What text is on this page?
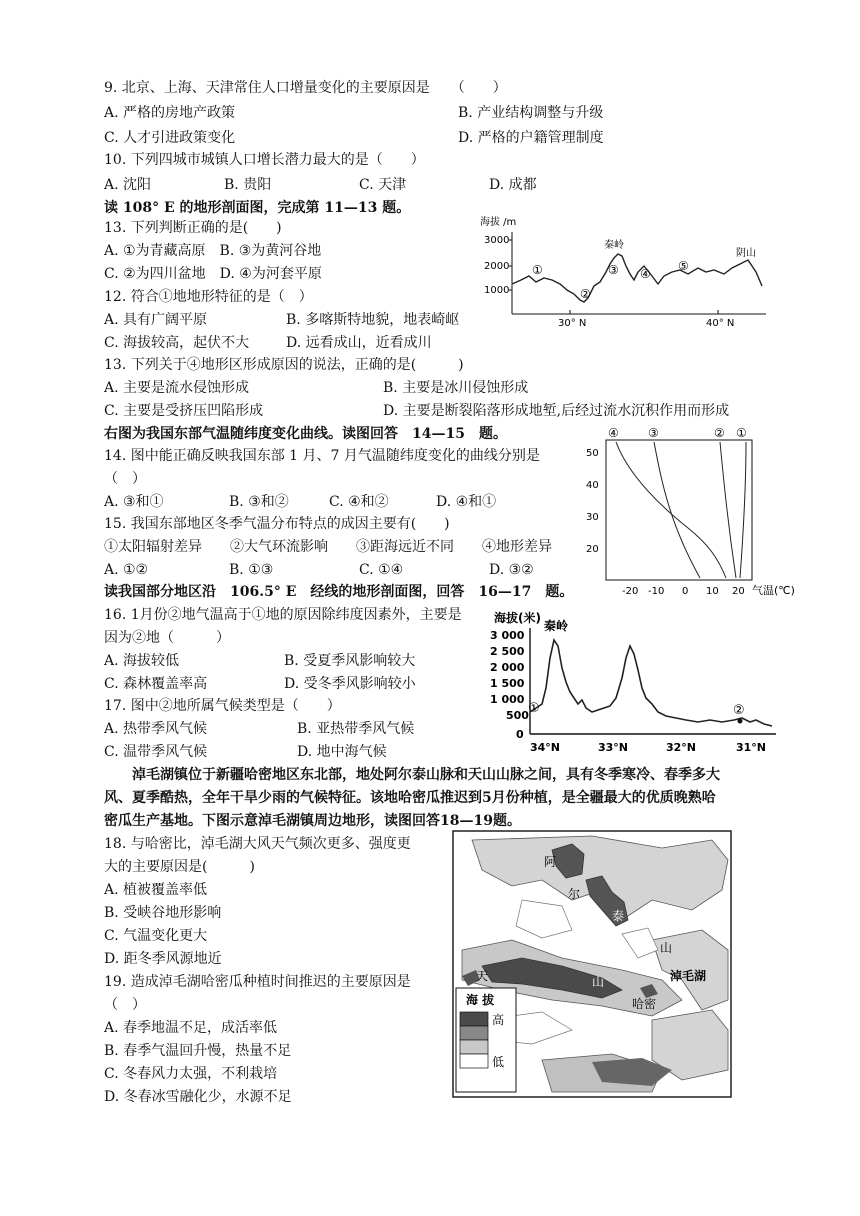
9. 北京、上海、天津常住人口增量变化的主要原因是　　（　　）
A. 严格的房地产政策	B. 产业结构调整与升级
C. 人才引进政策变化	D. 严格的户籍管理制度
10. 下列四城市城镇人口增长潜力最大的是（　　）
A. 沈阳	B. 贵阳	C. 天津	D. 成都
读 108° E 的地形剖面图，完成第 11—13 题。
13. 下列判断正确的是(　　)
A. ①为青藏高原　B. ③为黄河谷地
C. ②为四川盆地　D. ④为河套平原
12. 符合①地地形特征的是（　）
A. 具有广阔平原	B. 多喀斯特地貌，地表崎岖
C. 海拔较高，起伏不大	D. 远看成山，近看成川
13. 下列关于④地形区形成原因的说法，正确的是(　　　)
A. 主要是流水侵蚀形成	B. 主要是冰川侵蚀形成
C. 主要是受挤压凹陷形成	D. 主要是断裂陷落形成地堑,后经过流水沉积作用而形成
右图为我国东部气温随纬度变化曲线。读图回答　14—15　题。
14. 图中能正确反映我国东部 1 月、7 月气温随纬度变化的曲线分别是
（　）
A. ③和①	B. ③和②	C. ④和②	D. ④和①
15. 我国东部地区冬季气温分布特点的成因主要有(　　)
①太阳辐射差异　　②大气环流影响　　③距海远近不同　　④地形差异
A. ①②	B. ①③	C. ①④	D. ③②
读我国部分地区沿　106.5° E　经线的地形剖面图，回答　16—17　题。
16. 1月份②地气温高于①地的原因除纬度因素外，主要是
因为②地（　　　）
A. 海拔较低	B. 受夏季风影响较大
C. 森林覆盖率高	D. 受冬季风影响较小
17. 图中②地所属气候类型是（　　）
A. 热带季风气候	B. 亚热带季风气候
C. 温带季风气候	D. 地中海气候
淖毛湖镇位于新疆哈密地区东北部，地处阿尔泰山脉和天山山脉之间，具有冬季寒冷、春季多大
风、夏季酷热，全年干旱少雨的气候特征。该地哈密瓜推迟到5月份种植，是全疆最大的优质晚熟哈
密瓜生产基地。下图示意淖毛湖镇周边地形，读图回答18—19题。
18. 与哈密比，淖毛湖大风天气频次更多、强度更
大的主要原因是(　　　)
A. 植被覆盖率低
B. 受峡谷地形影响
C. 气温变化更大
D. 距冬季风源地近
19. 造成淖毛湖哈密瓜种植时间推迟的主要原因是
（　）
A. 春季地温不足，成活率低
B. 春季气温回升慢，热量不足
C. 冬春风力太强，不利栽培
D. 冬春冰雪融化少，水源不足
海拔 /m
3000
2000
1000
30° N	40° N
秦岭
阴山
①
②
③ ④
⑤
④ ③	② ①
50
40
30
20
-20 -10 0 10 20 气温(℃)
海拔(米)
3 000
2 500
2 000
1 500
1 000
500
0
秦岭
①	②
34°N	33°N	32°N	31°N
阿
尔
泰
山
天	山	淖毛湖
哈密
海 拔
高
低
